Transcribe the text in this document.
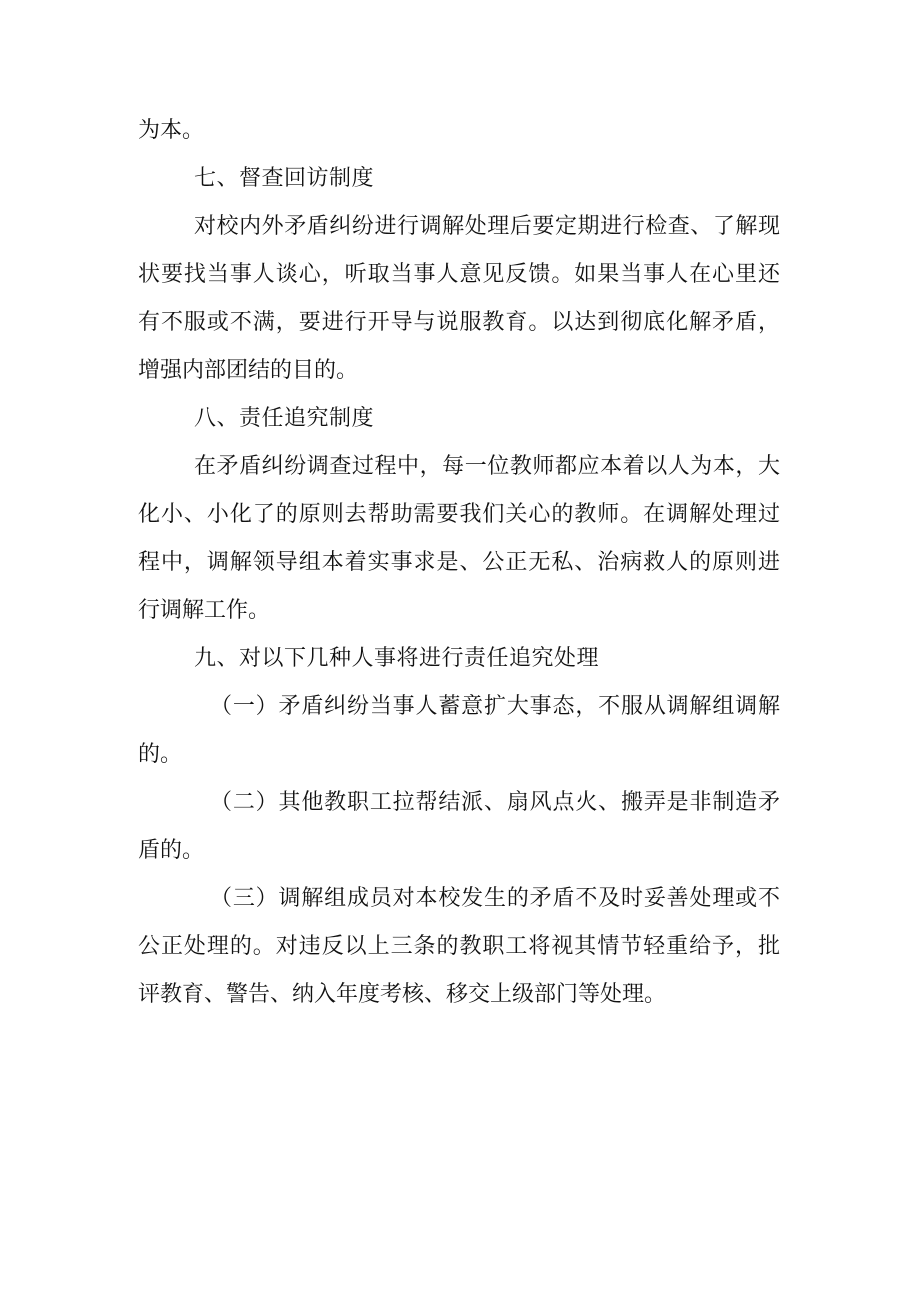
为本。
七、督查回访制度
对校内外矛盾纠纷进行调解处理后要定期进行检查、了解现
状要找当事人谈心，听取当事人意见反馈。如果当事人在心里还
有不服或不满，要进行开导与说服教育。以达到彻底化解矛盾，
增强内部团结的目的。
八、责任追究制度
在矛盾纠纷调查过程中，每一位教师都应本着以人为本，大
化小、小化了的原则去帮助需要我们关心的教师。在调解处理过
程中，调解领导组本着实事求是、公正无私、治病救人的原则进
行调解工作。
九、对以下几种人事将进行责任追究处理
（一）矛盾纠纷当事人蓄意扩大事态，不服从调解组调解
的。
（二）其他教职工拉帮结派、扇风点火、搬弄是非制造矛
盾的。
（三）调解组成员对本校发生的矛盾不及时妥善处理或不
公正处理的。对违反以上三条的教职工将视其情节轻重给予，批
评教育、警告、纳入年度考核、移交上级部门等处理。
